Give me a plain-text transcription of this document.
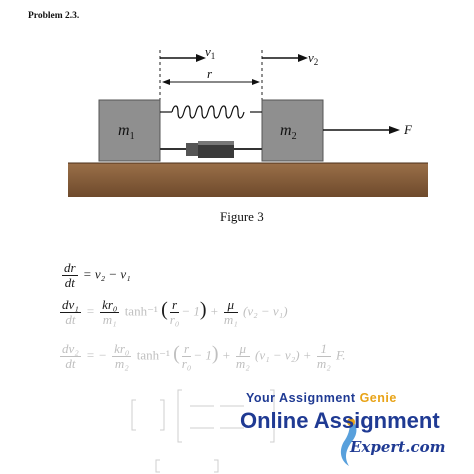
Problem 2.3.
$v_1$	$v_2$
r
$m_1$	$m_2$	F
Figure 3
$\frac{dr}{dt} = v_2 - v_1$
$\frac{\text{dv₁}}{dt} = \frac{\text{kr₀}}{\text{m₁}} \tanh^{-1}$ ( $\frac{r}{\text{r₀}} - 1) + \frac{\mu}{\text{m₁}} (v_2 - v_1)$
$\frac{\text{dv₂}}{dt}$ = − $\frac{\text{kr₀}}{\text{m₂}} \tanh^{-1}$ ( $\frac{r}{\text{r₀}} - 1) + \frac{\mu}{\text{m₂}} (v_1 - v_2) + \frac{1}{\text{m₂}} F$.
Your Assignment Genie
Online Assignment
Expert.com
